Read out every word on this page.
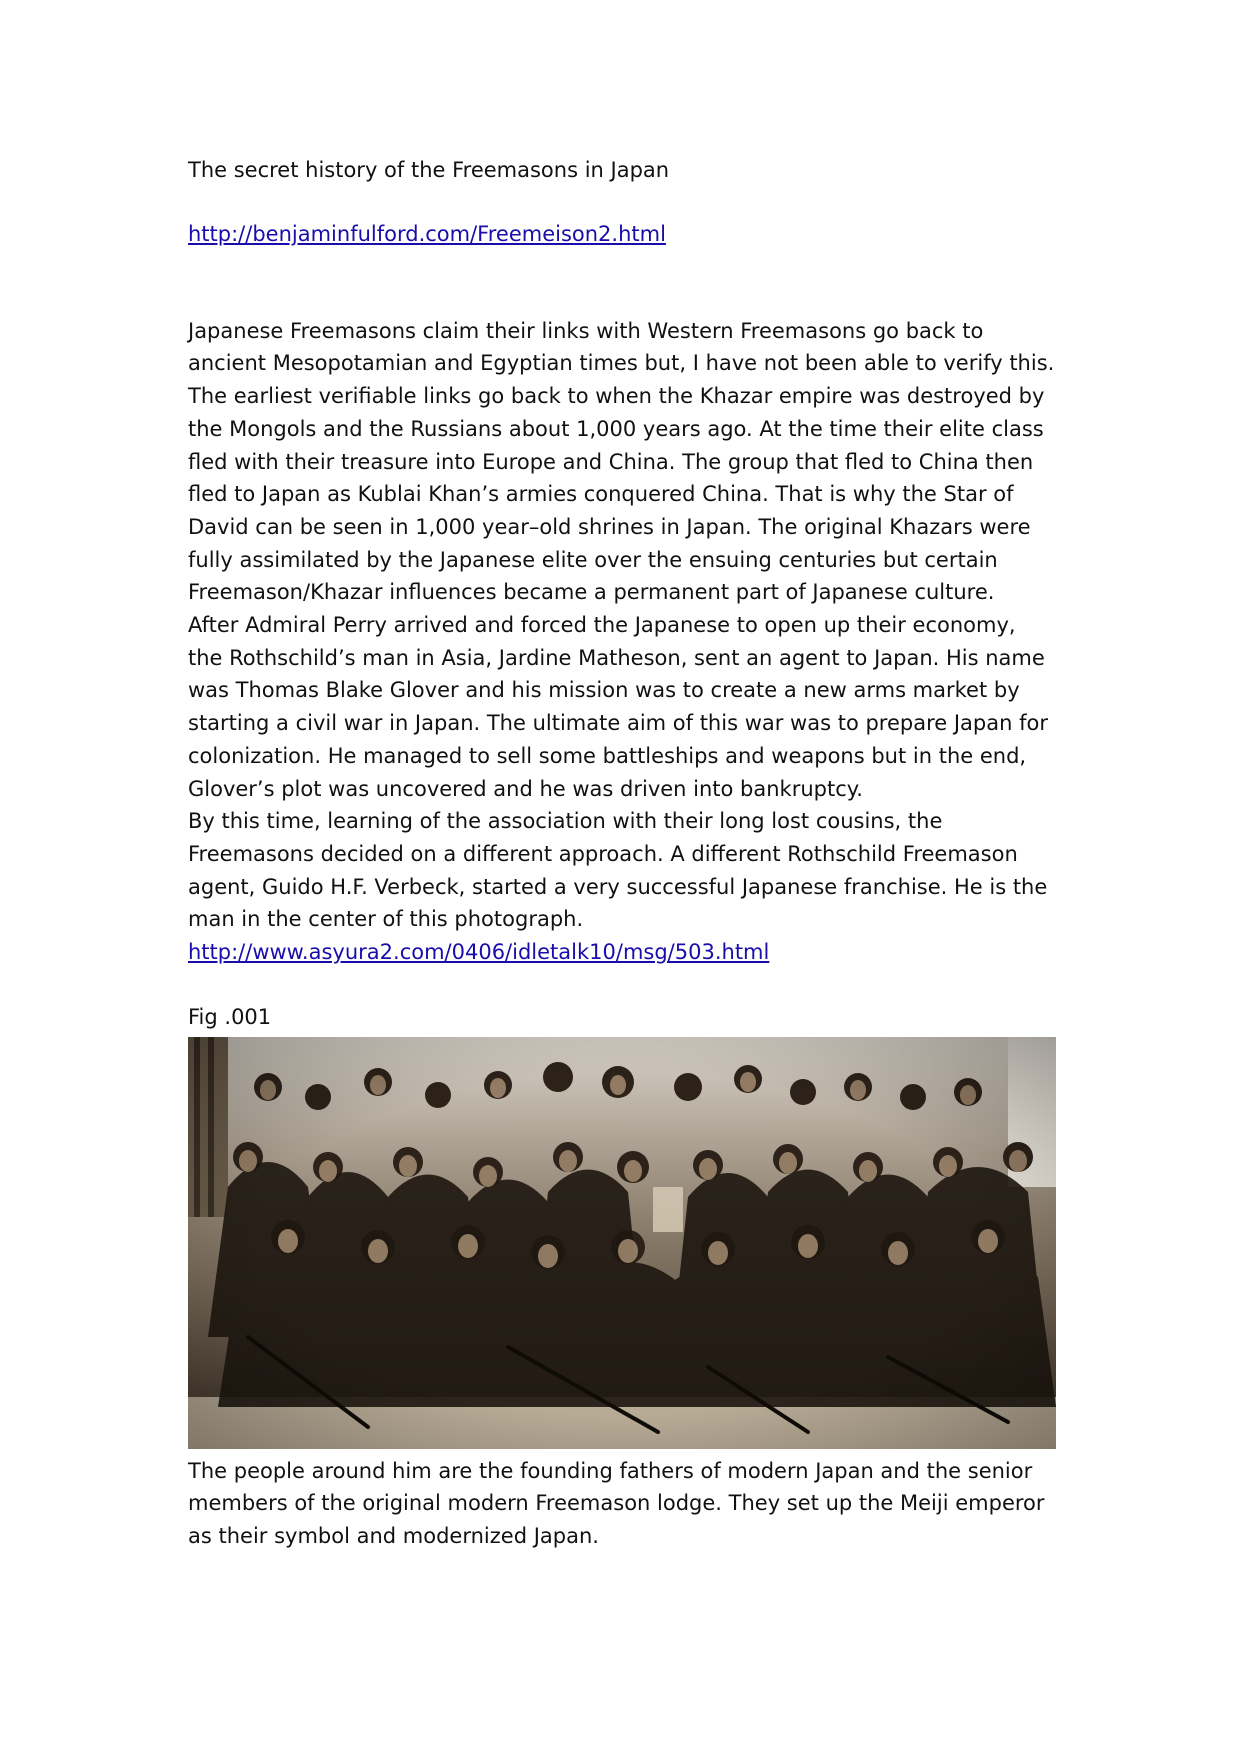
The secret history of the Freemasons in Japan
http://benjaminfulford.com/Freemeison2.html

Japanese Freemasons claim their links with Western Freemasons go back to ancient Mesopotamian and Egyptian times but, I have not been able to verify this. The earliest verifiable links go back to when the Khazar empire was destroyed by the Mongols and the Russians about 1,000 years ago. At the time their elite class fled with their treasure into Europe and China. The group that fled to China then fled to Japan as Kublai Khan’s armies conquered China. That is why the Star of David can be seen in 1,000 year–old shrines in Japan. The original Khazars were fully assimilated by the Japanese elite over the ensuing centuries but certain Freemason/Khazar influences became a permanent part of Japanese culture.

After Admiral Perry arrived and forced the Japanese to open up their economy, the Rothschild’s man in Asia, Jardine Matheson, sent an agent to Japan. His name was Thomas Blake Glover and his mission was to create a new arms market by starting a civil war in Japan. The ultimate aim of this war was to prepare Japan for colonization. He managed to sell some battleships and weapons but in the end, Glover’s plot was uncovered and he was driven into bankruptcy.

By this time, learning of the association with their long lost cousins, the Freemasons decided on a different approach. A different Rothschild Freemason agent, Guido H.F. Verbeck, started a very successful Japanese franchise. He is the man in the center of this photograph.

http://www.asyura2.com/0406/idletalk10/msg/503.html
Fig .001

The people around him are the founding fathers of modern Japan and the senior members of the original modern Freemason lodge. They set up the Meiji emperor as their symbol and modernized Japan.
